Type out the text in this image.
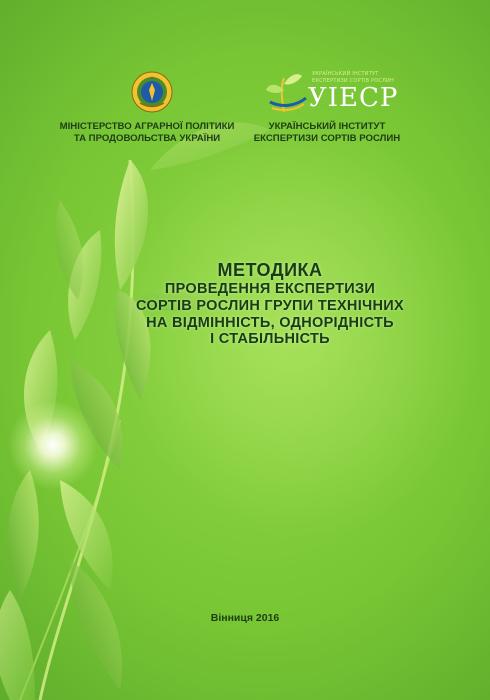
УКРАЇНСЬКИЙ ІНСТИТУТ
ЕКСПЕРТИЗИ СОРТІВ РОСЛИН
УІЕСР
МІНІСТЕРСТВО АГРАРНОЇ ПОЛІТИКИ
ТА ПРОДОВОЛЬСТВА УКРАЇНИ
УКРАЇНСЬКИЙ ІНСТИТУТ
ЕКСПЕРТИЗИ СОРТІВ РОСЛИН
МЕТОДИКА
ПРОВЕДЕННЯ ЕКСПЕРТИЗИ
СОРТІВ РОСЛИН ГРУПИ ТЕХНІЧНИХ
НА ВІДМІННІСТЬ, ОДНОРІДНІСТЬ
І СТАБІЛЬНІСТЬ
Вінниця 2016
